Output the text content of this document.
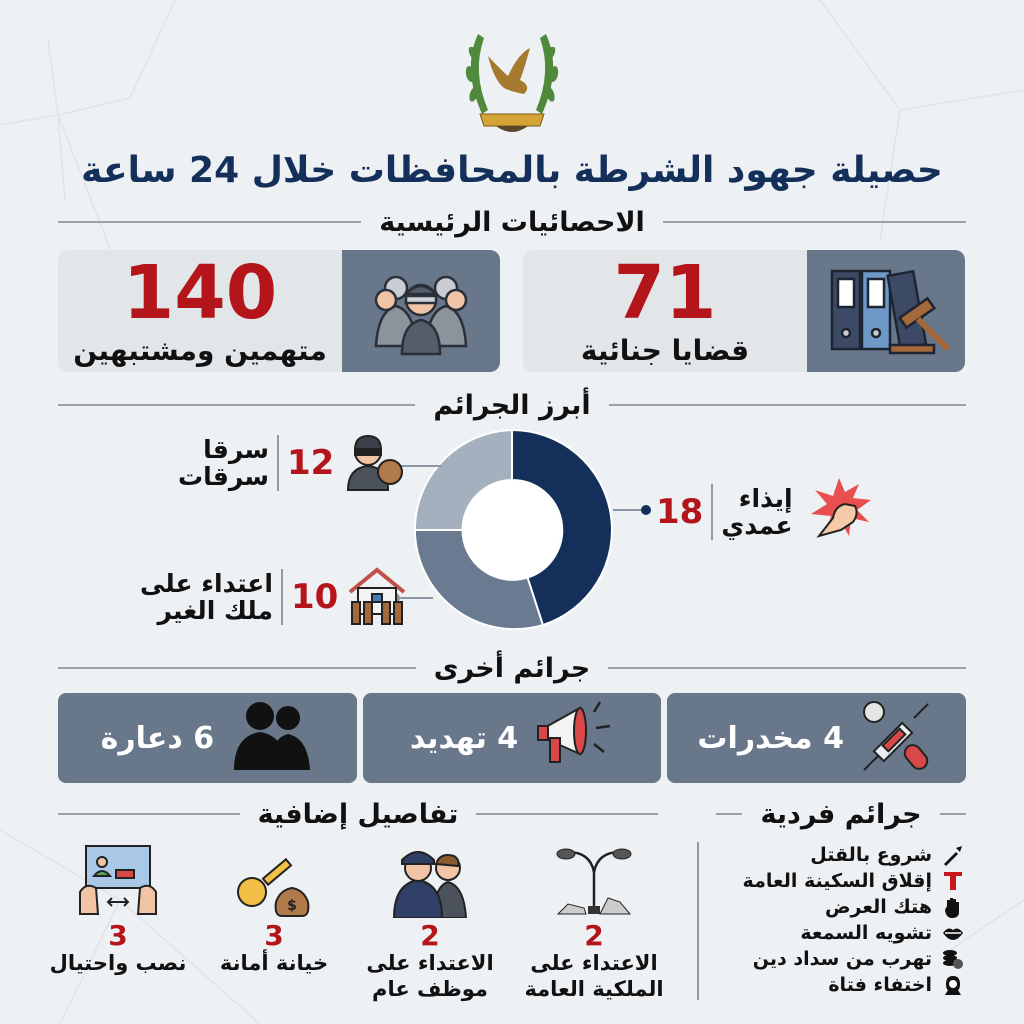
حصيلة جهود الشرطة بالمحافظات خلال 24 ساعة
الاحصائيات الرئيسية
140
متهمين ومشتبهين
71
قضايا جنائية
أبرز الجرائم
18	إيذاء
عمدي
سرقا
سرقات 12
اعتداء على
ملك الغير 10
جرائم أخرى
6 دعارة	4 تهديد	4 مخدرات
تفاصيل إضافية	جرائم فردية
2
الاعتداء على
الملكية العامة
2
الاعتداء على
موظف عام
$
3
خيانة أمانة
3
نصب واحتيال
شروع بالقتل
إقلاق السكينة العامة
هتك العرض
تشويه السمعة
تهرب من سداد دين
اختفاء فتاة
